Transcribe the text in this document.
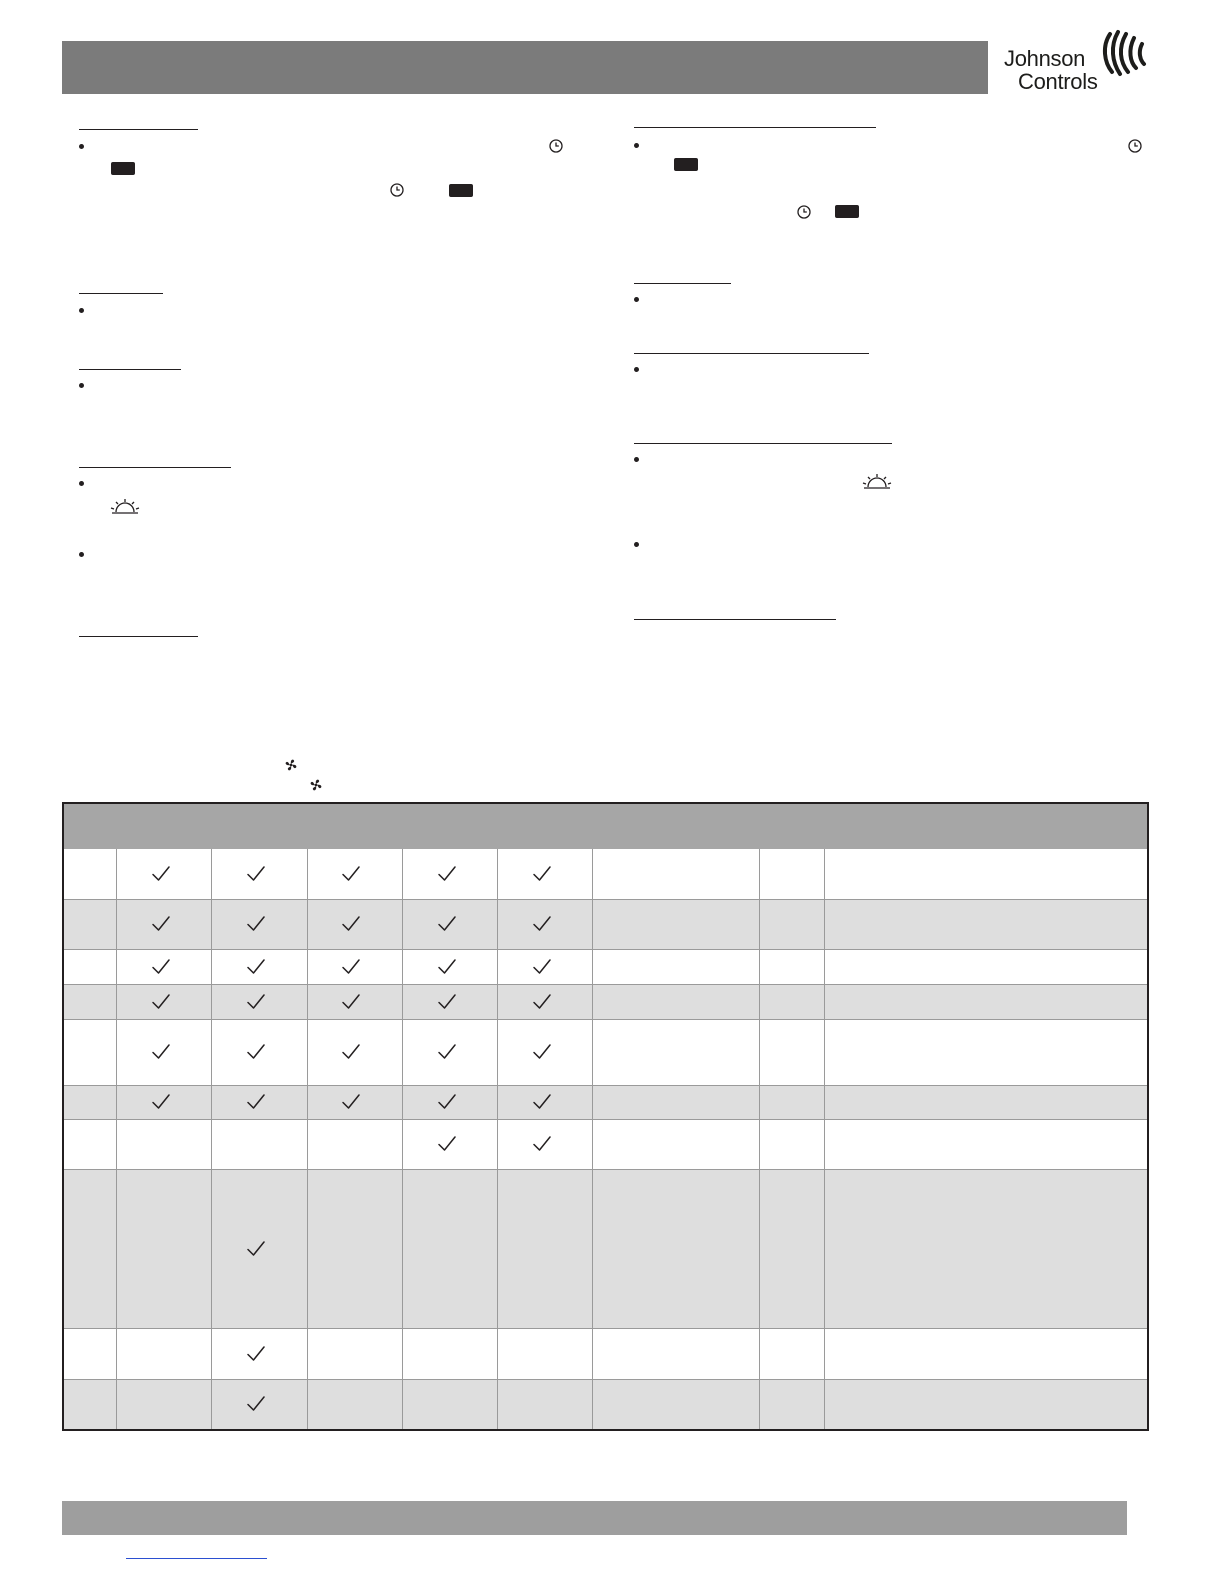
Johnson
Controls
